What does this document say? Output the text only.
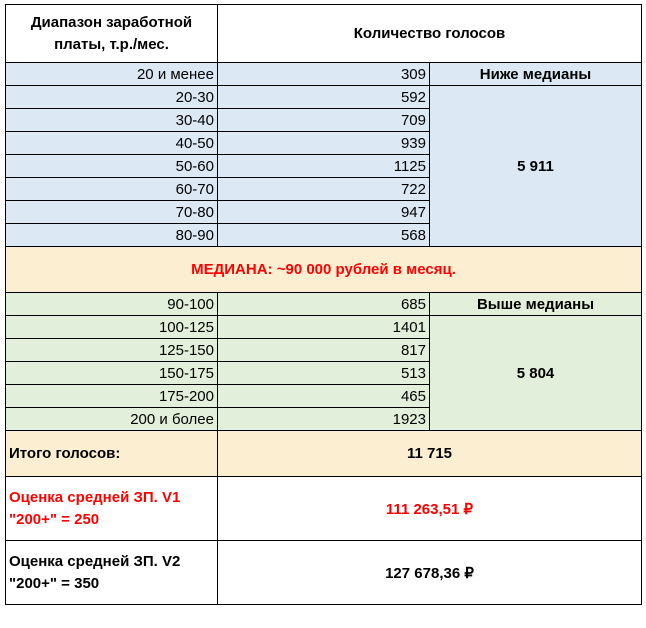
Диапазон заработной платы, т.р./мес.	Количество голосов	
20 и менее	309	Ниже медианы
20-30	592	5 911
30-40	709	
40-50	939	
50-60	1125	
60-70	722	
70-80	947	
80-90	568	
МЕДИАНА: ~90 000 рублей в месяц.		
90-100	685	Выше медианы
100-125	1401	5 804
125-150	817	
150-175	513	
175-200	465	
200 и более	1923	
Итого голосов:	11 715	

Оценка средней ЗП. V1
"200+" = 250	111 263,51 ₽	

Оценка средней ЗП. V2
"200+" = 350	127 678,36 ₽	
